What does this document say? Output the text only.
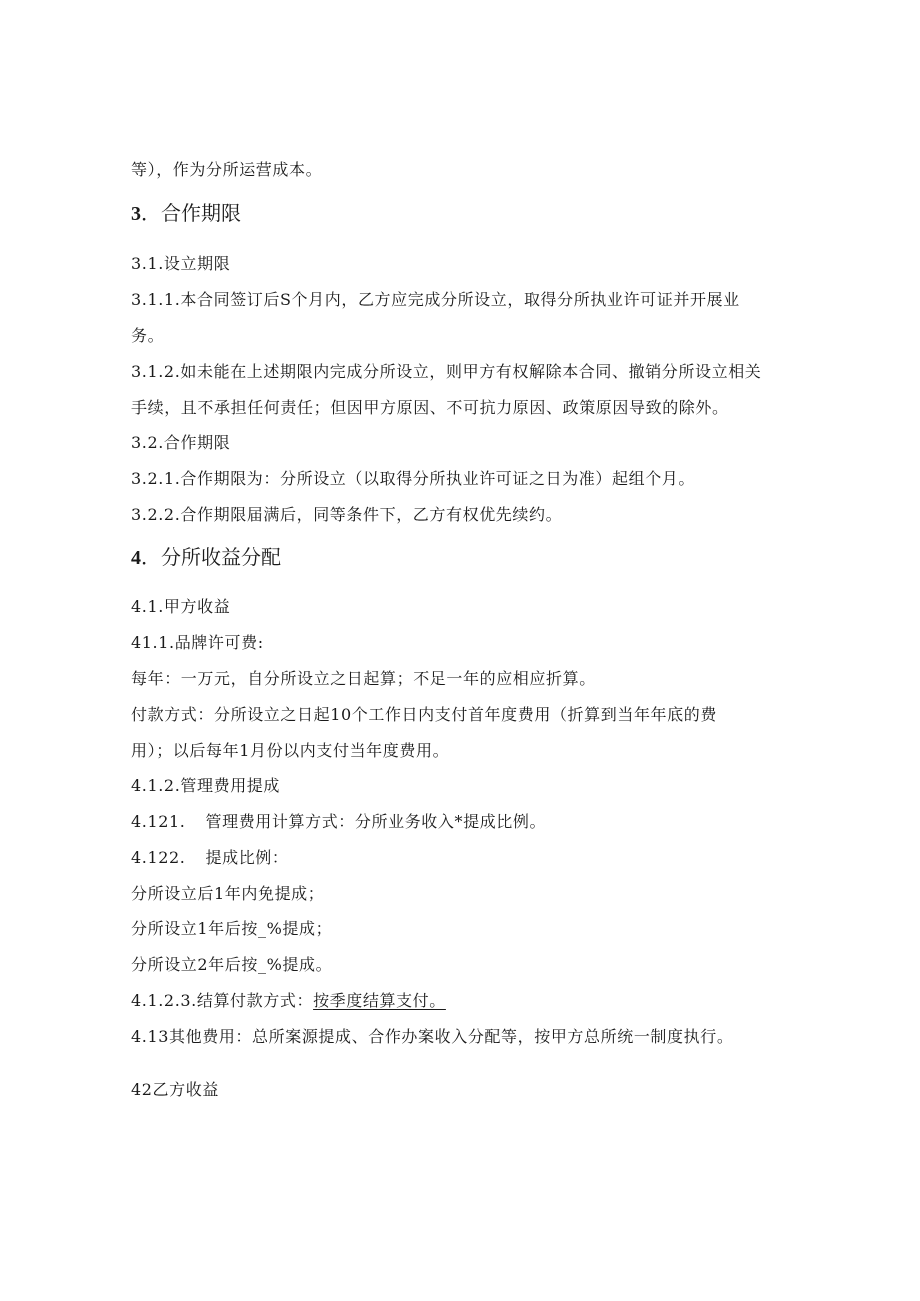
等），作为分所运营成本。
3．合作期限
3.1.设立期限
3.1.1.本合同签订后S个月内，乙方应完成分所设立，取得分所执业许可证并开展业
务。
3.1.2.如未能在上述期限内完成分所设立，则甲方有权解除本合同、撤销分所设立相关
手续，且不承担任何责任；但因甲方原因、不可抗力原因、政策原因导致的除外。
3.2.合作期限
3.2.1.合作期限为：分所设立（以取得分所执业许可证之日为准）起组个月。
3.2.2.合作期限届满后，同等条件下，乙方有权优先续约。
4．分所收益分配
4.1.甲方收益
41.1.品牌许可费:
每年：一万元，自分所设立之日起算；不足一年的应相应折算。
付款方式：分所设立之日起10个工作日内支付首年度费用（折算到当年年底的费
用）；以后每年1月份以内支付当年度费用。
4.1.2.管理费用提成
4.121. 管理费用计算方式：分所业务收入*提成比例。
4.122. 提成比例：
分所设立后1年内免提成；
分所设立1年后按_%提成；
分所设立2年后按_%提成。
4.1.2.3.结算付款方式：按季度结算支付。
4.13其他费用：总所案源提成、合作办案收入分配等，按甲方总所统一制度执行。
42乙方收益
